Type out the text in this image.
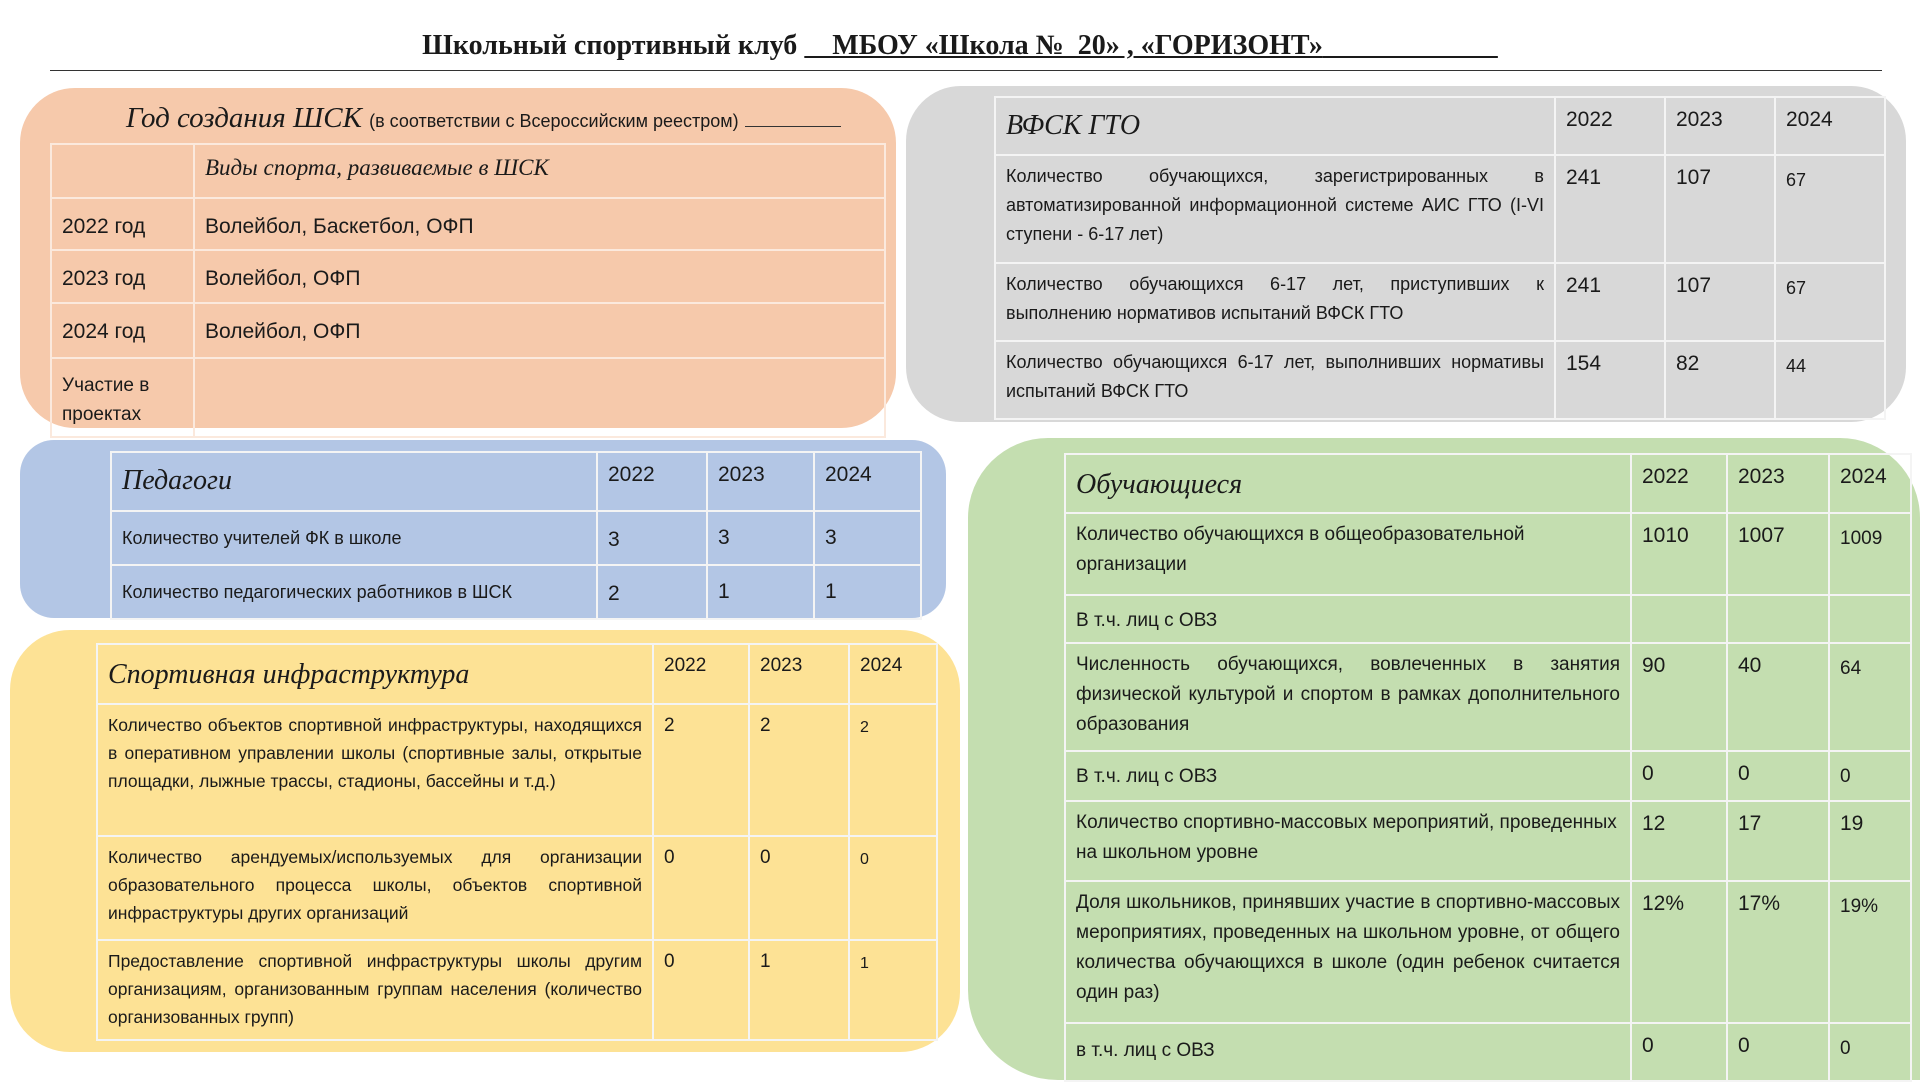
Школьный спортивный клуб     МБОУ «Школа №  20» , «ГОРИЗОНТ»
Год создания ШСК (в соответствии с Всероссийским реестром)
	Виды спорта, развиваемые в ШСК
2022 год	Волейбол, Баскетбол, ОФП
2023 год	Волейбол, ОФП
2024 год	Волейбол, ОФП
Участие в проектах	
ВФСК ГТО	2022	2023	2024
Количество обучающихся, зарегистрированных в автоматизированной информационной системе АИС ГТО (I-VI ступени - 6-17 лет)	241	107	67
Количество обучающихся 6-17 лет, приступивших к выполнению нормативов испытаний ВФСК ГТО	241	107	67
Количество обучающихся 6-17 лет, выполнивших нормативы испытаний ВФСК ГТО	154	82	44
Педагоги	2022	2023	2024
Количество учителей ФК в школе	3	3	3
Количество педагогических работников в ШСК	2	1	1
Спортивная инфраструктура	2022	2023	2024
Количество объектов спортивной инфраструктуры, находящихся в оперативном управлении школы (спортивные залы, открытые площадки, лыжные трассы, стадионы, бассейны и т.д.)	2	2	2
Количество арендуемых/используемых для организации образовательного процесса школы, объектов спортивной инфраструктуры других организаций	0	0	0
Предоставление спортивной инфраструктуры школы другим организациям, организованным группам населения (количество организованных групп)	0	1	1
Обучающиеся	2022	2023	2024
Количество обучающихся в общеобразовательной организации	1010	1007	1009
В т.ч. лиц с ОВЗ			
Численность обучающихся, вовлеченных в занятия физической культурой и спортом в рамках дополнительного образования	90	40	64
В т.ч. лиц с ОВЗ	0	0	0
Количество спортивно-массовых мероприятий, проведенных на школьном уровне	12	17	19
Доля школьников, принявших участие в спортивно-массовых мероприятиях, проведенных на школьном уровне, от общего количества обучающихся в школе (один ребенок считается один раз)	12%	17%	19%
в т.ч. лиц с ОВЗ	0	0	0
